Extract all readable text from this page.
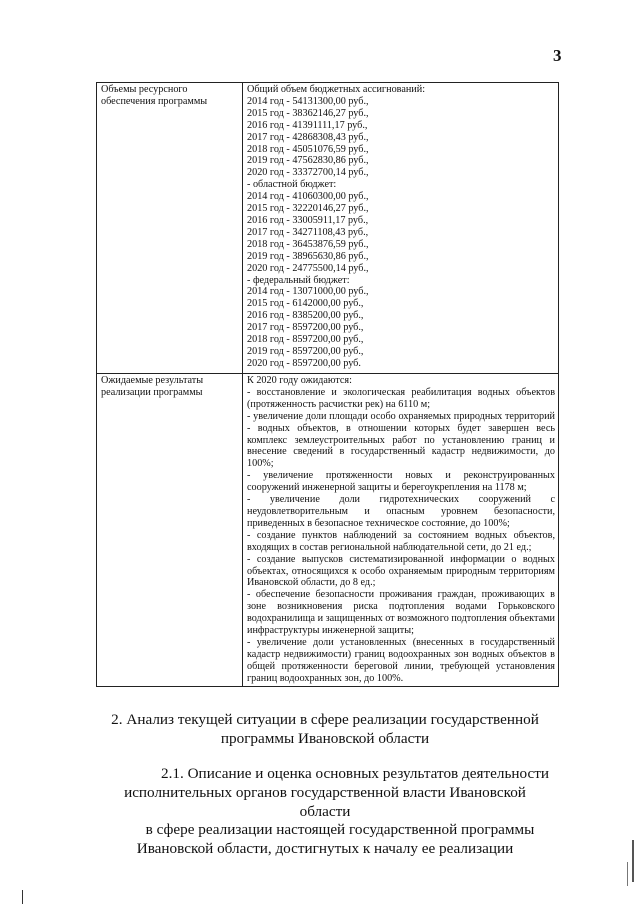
3
Объемы ресурсного обеспечения программы	
Общий объем бюджетных ассигнований:
2014 год - 54131300,00 руб.,
2015 год - 38362146,27 руб.,
2016 год - 41391111,17 руб.,
2017 год - 42868308,43 руб.,
2018 год - 45051076,59 руб.,
2019 год - 47562830,86 руб.,
2020 год - 33372700,14 руб.,
- областной бюджет:
2014 год - 41060300,00 руб.,
2015 год - 32220146,27 руб.,
2016 год - 33005911,17 руб.,
2017 год - 34271108,43 руб.,
2018 год - 36453876,59 руб.,
2019 год - 38965630,86 руб.,
2020 год - 24775500,14 руб.,
- федеральный бюджет:
2014 год - 13071000,00 руб.,
2015 год - 6142000,00 руб.,
2016 год - 8385200,00 руб.,
2017 год - 8597200,00 руб.,
2018 год - 8597200,00 руб.,
2019 год - 8597200,00 руб.,
2020 год - 8597200,00 руб.

Ожидаемые результаты реализации программы	
К 2020 году ожидаются:
- восстановление и экологическая реабилитация водных объектов (протяженность расчистки рек) на 6110 м;
- увеличение доли площади особо охраняемых природных территорий - водных объектов, в отношении которых будет завершен весь комплекс землеустроительных работ по установлению границ и внесение сведений в государственный кадастр недвижимости, до 100%;
- увеличение протяженности новых и реконструированных сооружений инженерной защиты и берегоукрепления на 1178 м;
- увеличение доли гидротехнических сооружений с неудовлетворительным и опасным уровнем безопасности, приведенных в безопасное техническое состояние, до 100%;
- создание пунктов наблюдений за состоянием водных объектов, входящих в состав региональной наблюдательной сети, до 21 ед.;
- создание выпусков систематизированной информации о водных объектах, относящихся к особо охраняемым природным территориям Ивановской области, до 8 ед.;
- обеспечение безопасности проживания граждан, проживающих в зоне возникновения риска подтопления водами Горьковского водохранилища и защищенных от возможного подтопления объектами инфраструктуры инженерной защиты;
- увеличение доли установленных (внесенных в государственный кадастр недвижимости) границ водоохранных зон водных объектов в общей протяженности береговой линии, требующей установления границ водоохранных зон, до 100%.
2. Анализ текущей ситуации в сфере реализации государственной
программы Ивановской области
2.1. Описание и оценка основных результатов деятельности
исполнительных органов государственной власти Ивановской области
в сфере реализации настоящей государственной программы
Ивановской области, достигнутых к началу ее реализации
